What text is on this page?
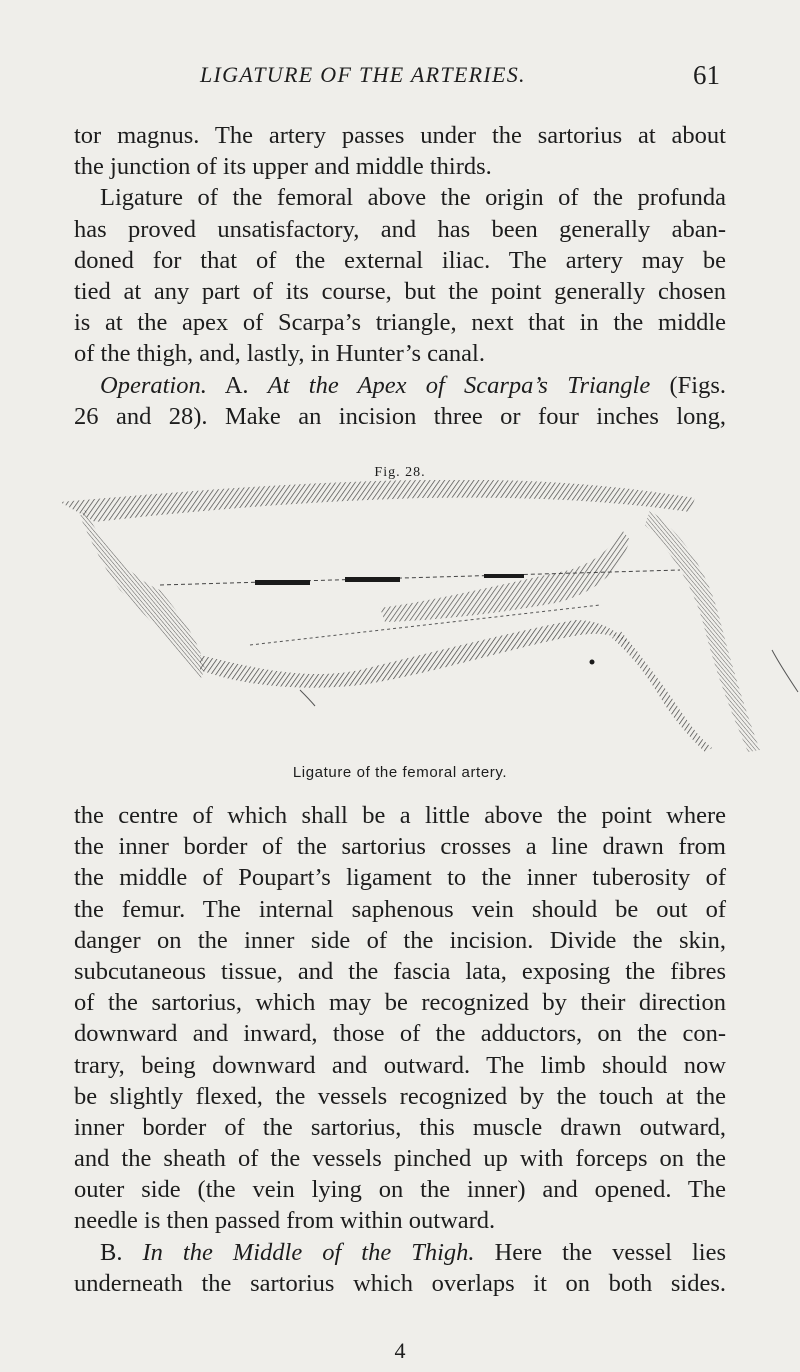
LIGATURE OF THE ARTERIES.	61
tor magnus. The artery passes under the sartorius at about
the junction of its upper and middle thirds.
Ligature of the femoral above the origin of the profunda
has proved unsatisfactory, and has been generally aban-
doned for that of the external iliac. The artery may be
tied at any part of its course, but the point generally chosen
is at the apex of Scarpa’s triangle, next that in the middle
of the thigh, and, lastly, in Hunter’s canal.
Operation. A. At the Apex of Scarpa’s Triangle (Figs.
26 and 28). Make an incision three or four inches long,
Fig. 28.
Ligature of the femoral artery.
the centre of which shall be a little above the point where
the inner border of the sartorius crosses a line drawn from
the middle of Poupart’s ligament to the inner tuberosity of
the femur. The internal saphenous vein should be out of
danger on the inner side of the incision. Divide the skin,
subcutaneous tissue, and the fascia lata, exposing the fibres
of the sartorius, which may be recognized by their direction
downward and inward, those of the adductors, on the con-
trary, being downward and outward. The limb should now
be slightly flexed, the vessels recognized by the touch at the
inner border of the sartorius, this muscle drawn outward,
and the sheath of the vessels pinched up with forceps on the
outer side (the vein lying on the inner) and opened. The
needle is then passed from within outward.
B. In the Middle of the Thigh. Here the vessel lies
underneath the sartorius which overlaps it on both sides.
4
